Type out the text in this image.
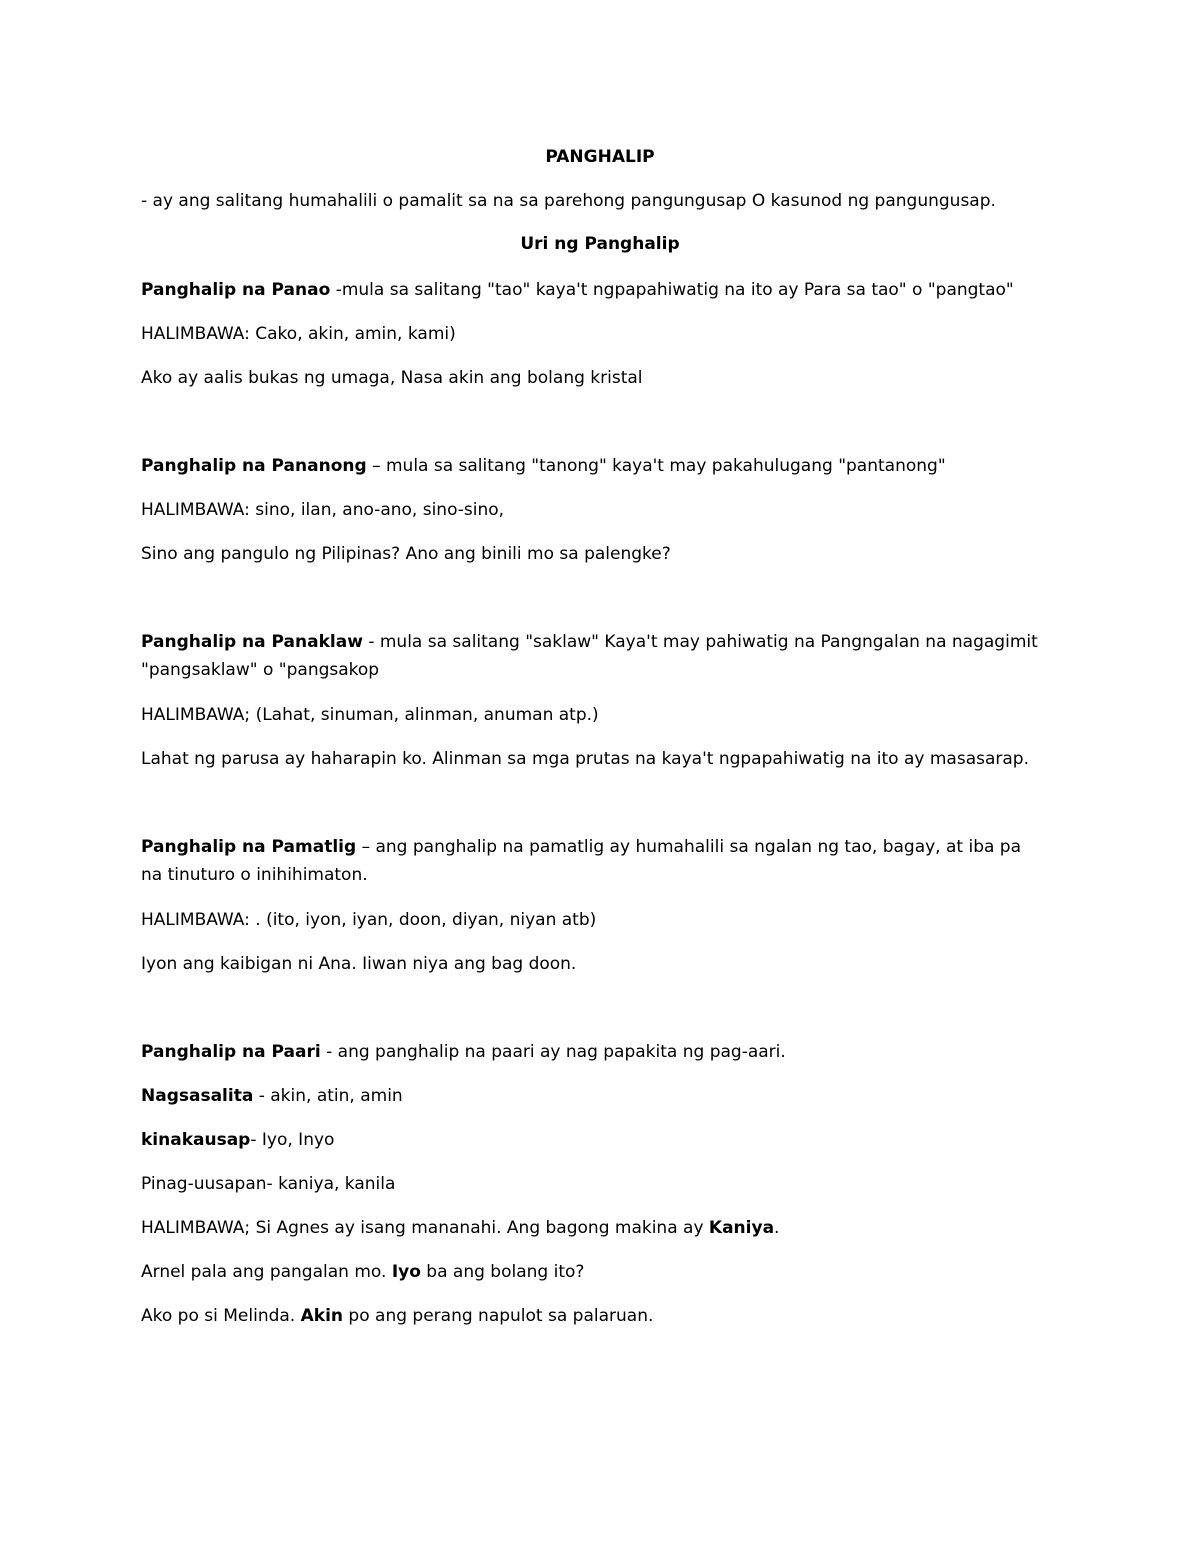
PANGHALIP
- ay ang salitang humahalili o pamalit sa na sa parehong pangungusap O kasunod ng pangungusap.
Uri ng Panghalip
Panghalip na Panao -mula sa salitang "tao" kaya't ngpapahiwatig na ito ay Para sa tao" o "pangtao"
HALIMBAWA: Cako, akin, amin, kami)
Ako ay aalis bukas ng umaga, Nasa akin ang bolang kristal
Panghalip na Pananong – mula sa salitang "tanong" kaya't may pakahulugang "pantanong"
HALIMBAWA: sino, ilan, ano-ano, sino-sino,
Sino ang pangulo ng Pilipinas? Ano ang binili mo sa palengke?
Panghalip na Panaklaw - mula sa salitang "saklaw" Kaya't may pahiwatig na Pangngalan na nagagimit "pangsaklaw" o "pangsakop
HALIMBAWA; (Lahat, sinuman, alinman, anuman atp.)
Lahat ng parusa ay haharapin ko. Alinman sa mga prutas na kaya't ngpapahiwatig na ito ay masasarap.
Panghalip na Pamatlig – ang panghalip na pamatlig ay humahalili sa ngalan ng tao, bagay, at iba pa na tinuturo o inihihimaton.
HALIMBAWA: . (ito, iyon, iyan, doon, diyan, niyan atb)
Iyon ang kaibigan ni Ana. Iiwan niya ang bag doon.
Panghalip na Paari - ang panghalip na paari ay nag papakita ng pag-aari.
Nagsasalita - akin, atin, amin
kinakausap- Iyo, Inyo
Pinag-uusapan- kaniya, kanila
HALIMBAWA; Si Agnes ay isang mananahi. Ang bagong makina ay Kaniya.
Arnel pala ang pangalan mo. Iyo ba ang bolang ito?
Ako po si Melinda. Akin po ang perang napulot sa palaruan.
